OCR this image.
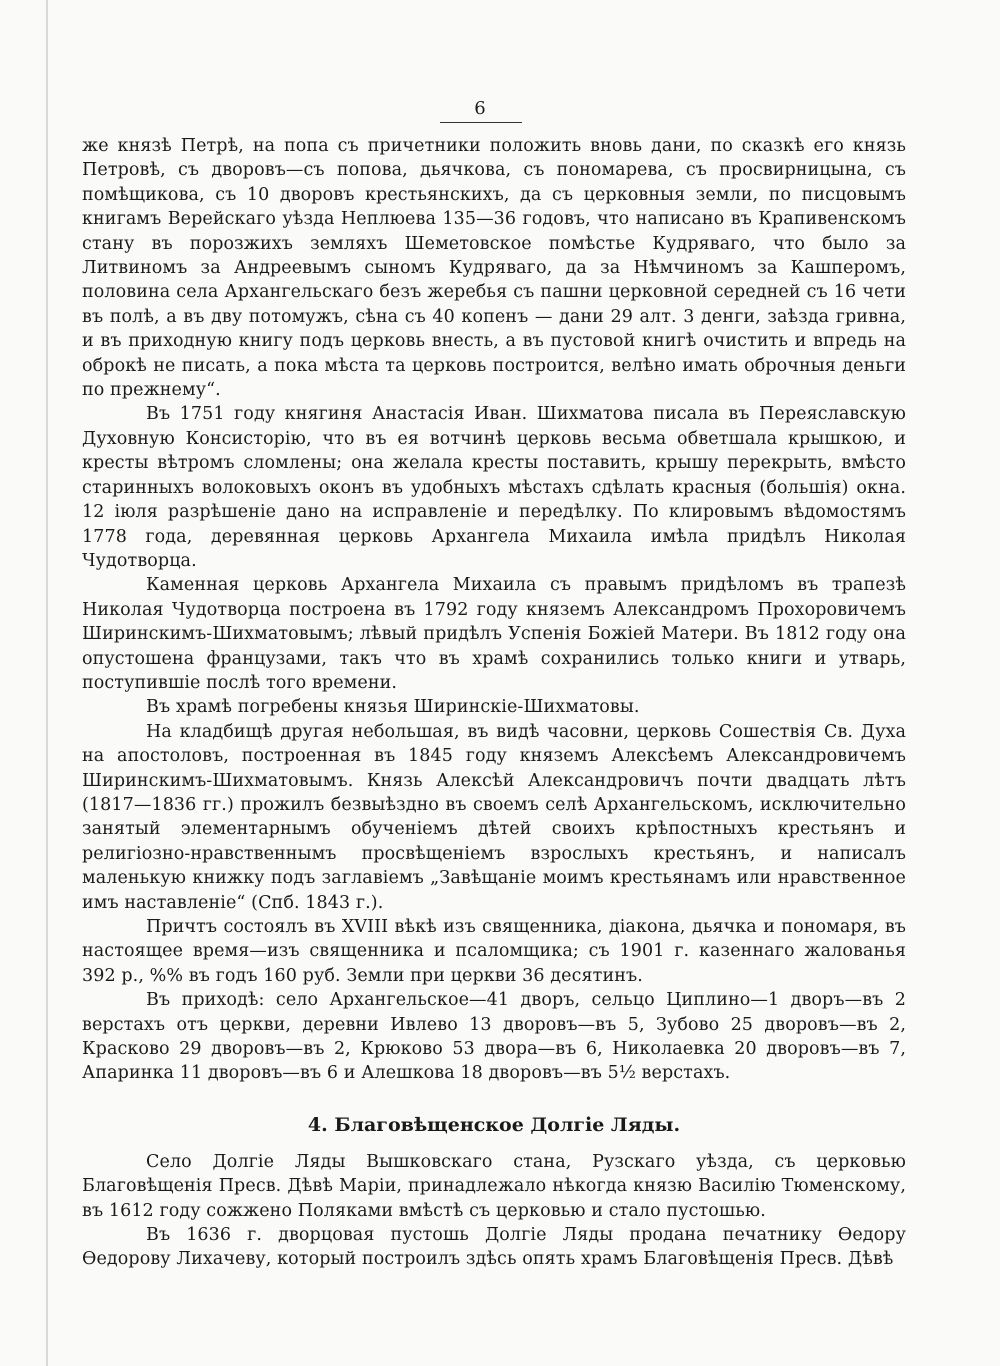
6

же князѣ Петрѣ, на попа съ причетники положить вновь дани, по сказкѣ его князь Петровѣ, съ дворовъ—съ попова, дьячкова, съ пономарева, съ просвирницына, съ помѣщикова, съ 10 дворовъ крестьянскихъ, да съ церковныя земли, по писцовымъ книгамъ Верейскаго уѣзда Неплюева 135—36 годовъ, что написано въ Крапивенскомъ стану въ порозжихъ земляхъ Шеметовское помѣстье Кудряваго, что было за Литвиномъ за Андреевымъ сыномъ Кудряваго, да за Нѣмчиномъ за Кашперомъ, половина села Архангельскаго безъ жеребья съ пашни церковной середней съ 16 чети въ полѣ, а въ дву потомужъ, сѣна съ 40 копенъ — дани 29 алт. 3 денги, заѣзда гривна, и въ приходную книгу подъ церковь внесть, а въ пустовой книгѣ очистить и впредь на оброкѣ не писать, а пока мѣста та церковь построится, велѣно имать оброчныя деньги по прежнему“.

Въ 1751 году княгиня Анастасія Иван. Шихматова писала въ Переяславскую Духовную Консисторію, что въ ея вотчинѣ церковь весьма обветшала крышкою, и кресты вѣтромъ сломлены; она желала кресты поставить, крышу перекрыть, вмѣсто старинныхъ волоковыхъ оконъ въ удобныхъ мѣстахъ сдѣлать красныя (большія) окна. 12 іюля разрѣшеніе дано на исправленіе и передѣлку. По клировымъ вѣдомостямъ 1778 года, деревянная церковь Архангела Михаила имѣла придѣлъ Николая Чудотворца.

Каменная церковь Архангела Михаила съ правымъ придѣломъ въ трапезѣ Николая Чудотворца построена въ 1792 году княземъ Александромъ Прохоровичемъ Ширинскимъ-Шихматовымъ; лѣвый придѣлъ Успенія Божіей Матери. Въ 1812 году она опустошена французами, такъ что въ храмѣ сохранились только книги и утварь, поступившіе послѣ того времени.

Въ храмѣ погребены князья Ширинскіе-Шихматовы.

На кладбищѣ другая небольшая, въ видѣ часовни, церковь Сошествія Св. Духа на апостоловъ, построенная въ 1845 году княземъ Алексѣемъ Александровичемъ Ширинскимъ-Шихматовымъ. Князь Алексѣй Александровичъ почти двадцать лѣтъ (1817—1836 гг.) прожилъ безвыѣздно въ своемъ селѣ Архангельскомъ, исключительно занятый элементарнымъ обученіемъ дѣтей своихъ крѣпостныхъ крестьянъ и религіозно-нравственнымъ просвѣщеніемъ взрослыхъ крестьянъ, и написалъ маленькую книжку подъ заглавіемъ „Завѣщаніе моимъ крестьянамъ или нравственное имъ наставленіе“ (Спб. 1843 г.).

Причтъ состоялъ въ XVIII вѣкѣ изъ священника, діакона, дьячка и пономаря, въ настоящее время—изъ священника и псаломщика; съ 1901 г. казеннаго жалованья 392 р., %% въ годъ 160 руб. Земли при церкви 36 десятинъ.

Въ приходѣ: село Архангельское—41 дворъ, сельцо Циплино—1 дворъ—въ 2 верстахъ отъ церкви, деревни Ивлево 13 дворовъ—въ 5, Зубово 25 дворовъ—въ 2, Красково 29 дворовъ—въ 2, Крюково 53 двора—въ 6, Николаевка 20 дворовъ—въ 7, Апаринка 11 дворовъ—въ 6 и Алешкова 18 дворовъ—въ 5½ верстахъ.

4. Благовѣщенское Долгіе Ляды.

Село Долгіе Ляды Вышковскаго стана, Рузскаго уѣзда, съ церковью Благовѣщенія Пресв. Дѣвѣ Маріи, принадлежало нѣкогда князю Василію Тюменскому, въ 1612 году сожжено Поляками вмѣстѣ съ церковью и стало пустошью.

Въ 1636 г. дворцовая пустошь Долгіе Ляды продана печатнику Ѳедору Ѳедорову Лихачеву, который построилъ здѣсь опять храмъ Благовѣщенія Пресв. Дѣвѣ
